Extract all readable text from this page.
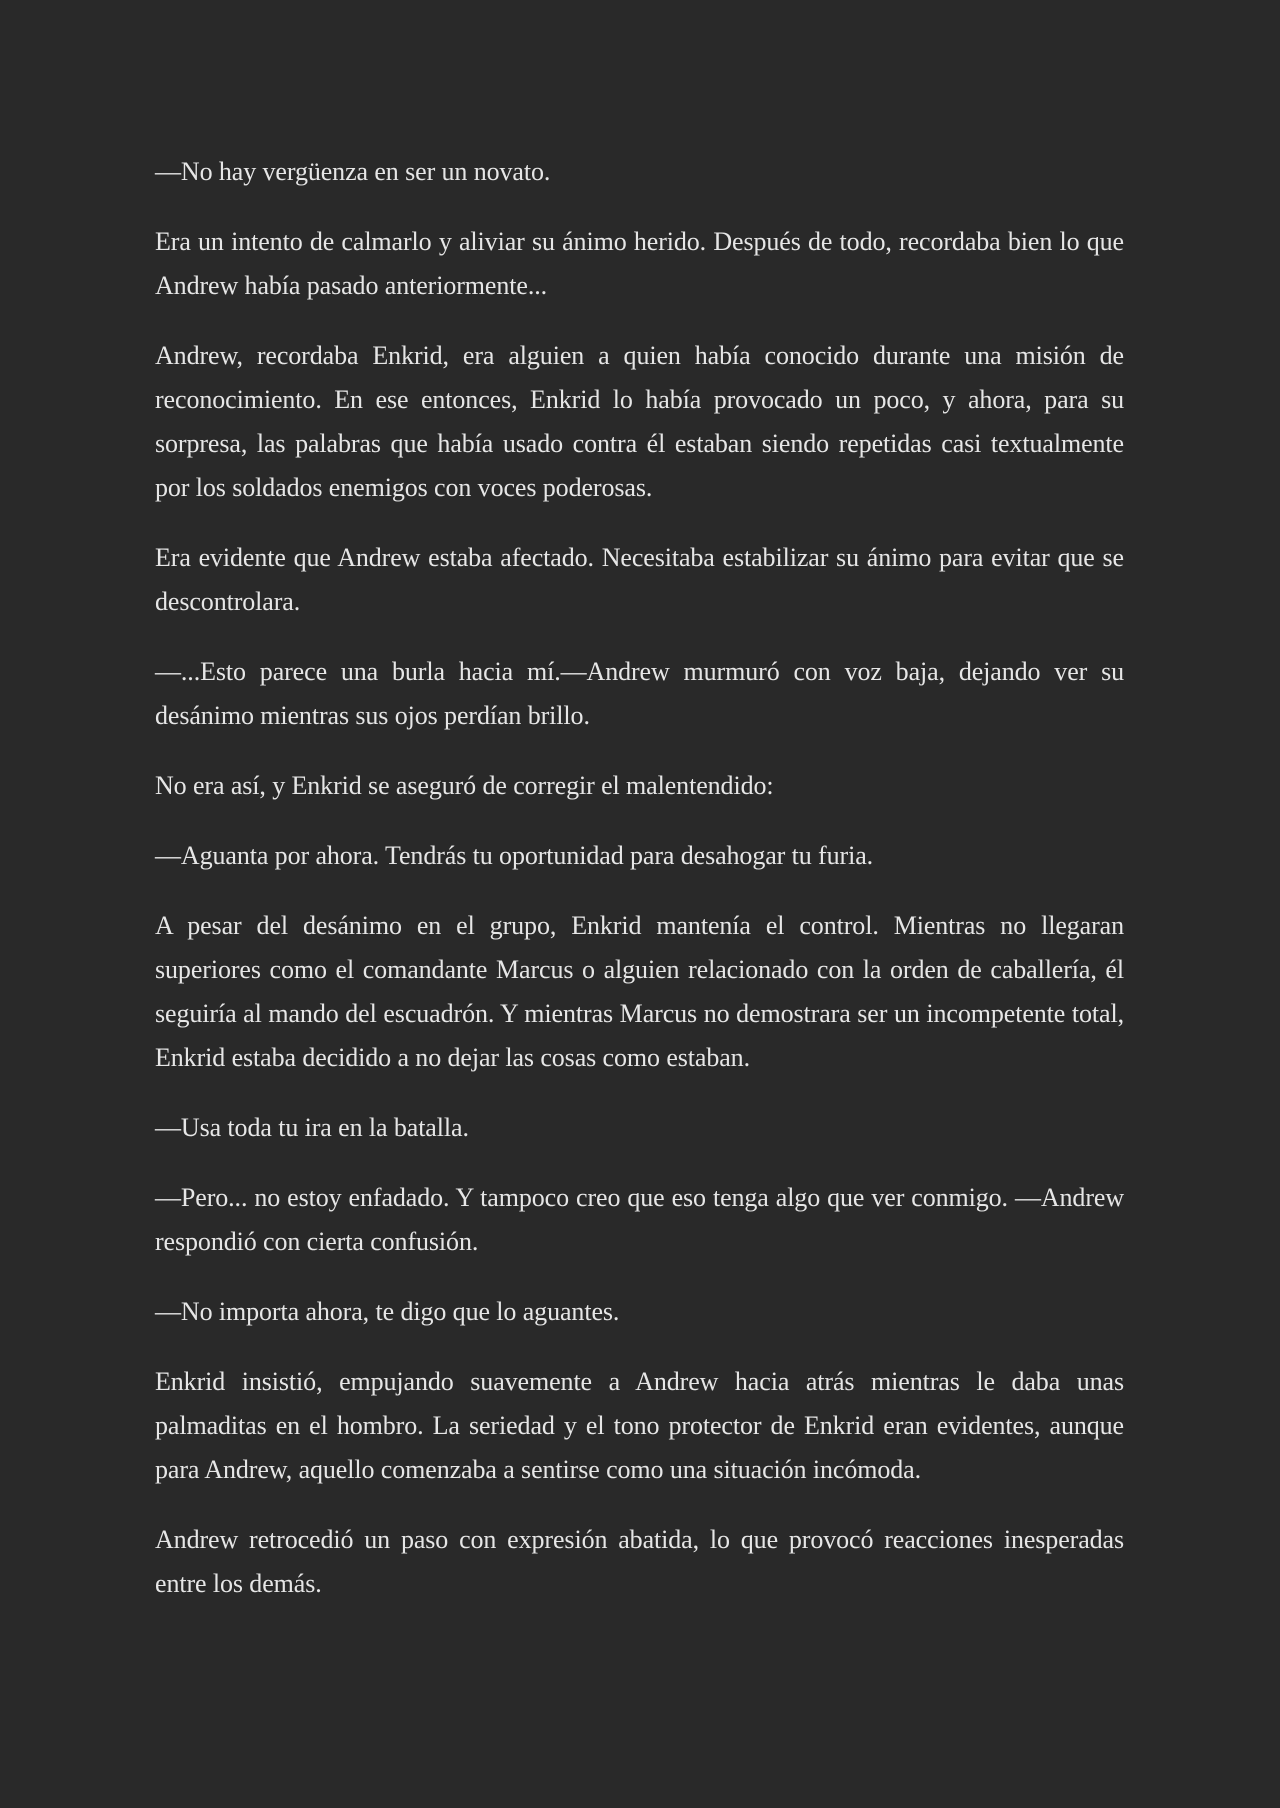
—No hay vergüenza en ser un novato.

Era un intento de calmarlo y aliviar su ánimo herido. Después de todo, recordaba bien lo que Andrew había pasado anteriormente...

Andrew, recordaba Enkrid, era alguien a quien había conocido durante una misión de reconocimiento. En ese entonces, Enkrid lo había provocado un poco, y ahora, para su sorpresa, las palabras que había usado contra él estaban siendo repetidas casi textualmente por los soldados enemigos con voces poderosas.

Era evidente que Andrew estaba afectado. Necesitaba estabilizar su ánimo para evitar que se descontrolara.

—...Esto parece una burla hacia mí.—Andrew murmuró con voz baja, dejando ver su desánimo mientras sus ojos perdían brillo.

No era así, y Enkrid se aseguró de corregir el malentendido:

—Aguanta por ahora. Tendrás tu oportunidad para desahogar tu furia.

A pesar del desánimo en el grupo, Enkrid mantenía el control. Mientras no llegaran superiores como el comandante Marcus o alguien relacionado con la orden de caballería, él seguiría al mando del escuadrón. Y mientras Marcus no demostrara ser un incompetente total, Enkrid estaba decidido a no dejar las cosas como estaban.

—Usa toda tu ira en la batalla.

—Pero... no estoy enfadado. Y tampoco creo que eso tenga algo que ver conmigo. —Andrew respondió con cierta confusión.

—No importa ahora, te digo que lo aguantes.

Enkrid insistió, empujando suavemente a Andrew hacia atrás mientras le daba unas palmaditas en el hombro. La seriedad y el tono protector de Enkrid eran evidentes, aunque para Andrew, aquello comenzaba a sentirse como una situación incómoda.

Andrew retrocedió un paso con expresión abatida, lo que provocó reacciones inesperadas entre los demás.
